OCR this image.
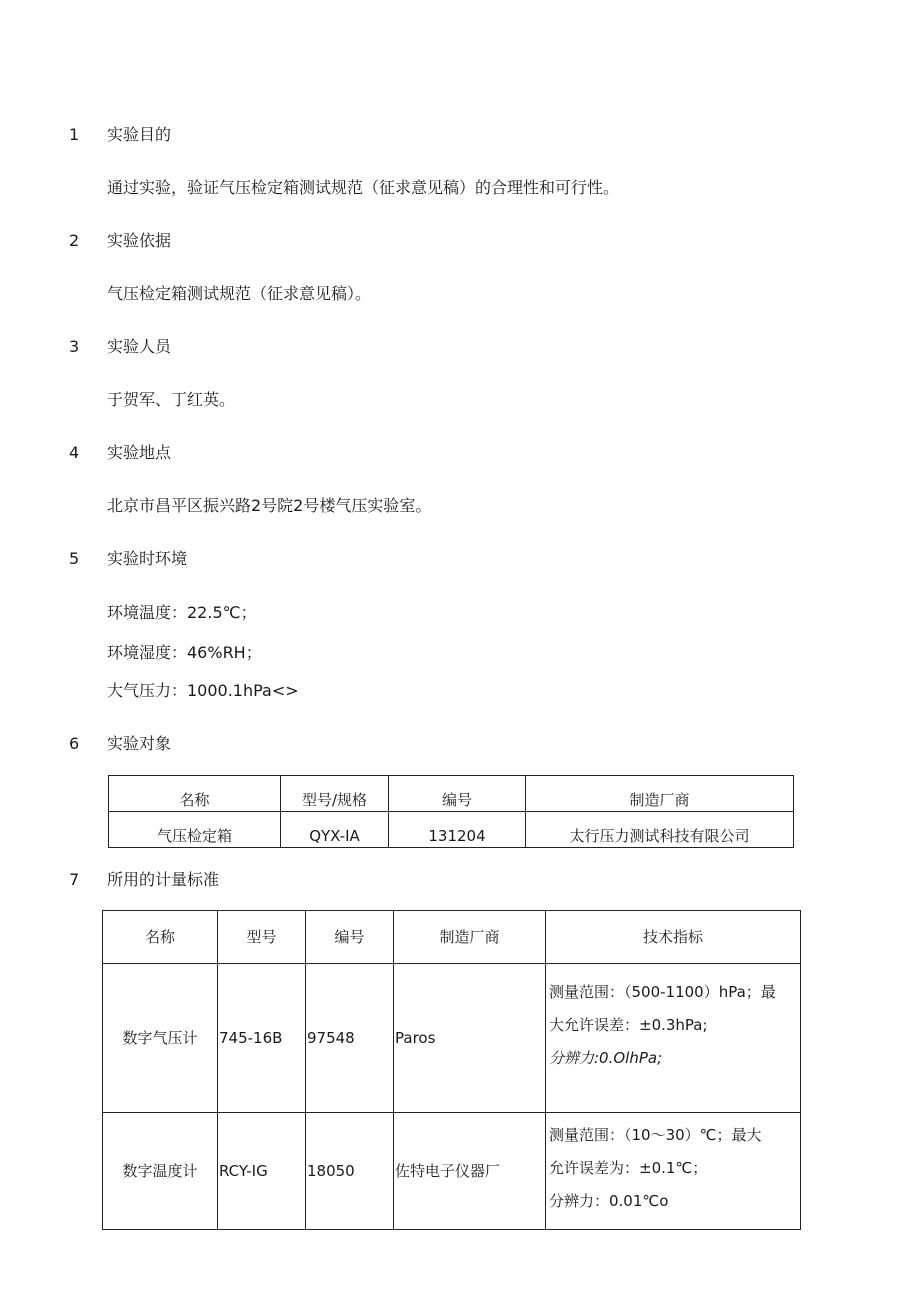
1 实验目的
通过实验，验证气压检定箱测试规范（征求意见稿）的合理性和可行性。
2 实验依据
气压检定箱测试规范（征求意见稿）。
3 实验人员
于贺军、丁红英。
4 实验地点
北京市昌平区振兴路2号院2号楼气压实验室。
5 实验时环境
环境温度：22.5℃；
环境湿度：46%RH；
大气压力：1000.1hPa<>
6 实验对象
名称	型号/规格	编号	制造厂商
气压检定箱	QYX-IA	131204	太行压力测试科技有限公司
7 所用的计量标准
名称	型号	编号	制造厂商	技术指标
数字气压计	745-16B	97548	Paros	测量范围：（500-1100）hPa；最
大允许误差：±0.3hPa;
分辨力:0.OlhPa;

数字温度计	RCY-IG	18050	佐特电子仪器厂	测量范围：（10～30）℃；最大
允许误差为：±0.1℃；
分辨力：0.01℃o
